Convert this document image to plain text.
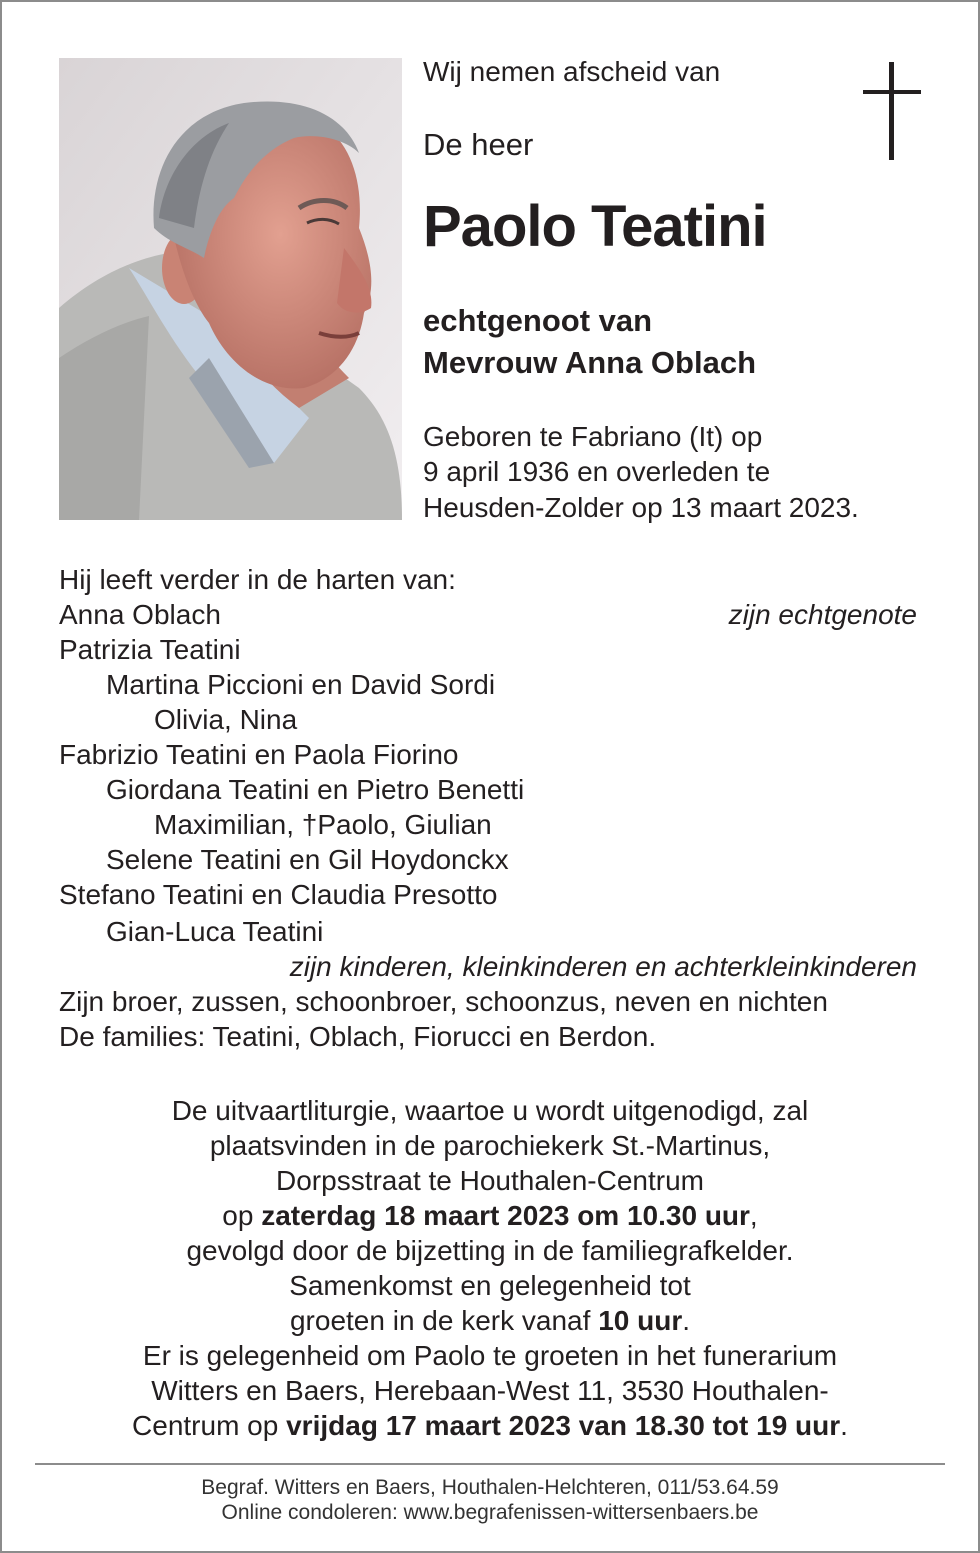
Wij nemen afscheid van
De heer
Paolo Teatini
echtgenoot van
Mevrouw Anna Oblach
Geboren te Fabriano (It) op
9 april 1936 en overleden te
Heusden-Zolder op 13 maart 2023.
Hij leeft verder in de harten van:
Anna Oblach	zijn echtgenote
Patrizia Teatini
Martina Piccioni en David Sordi
Olivia, Nina
Fabrizio Teatini en Paola Fiorino
Giordana Teatini en Pietro Benetti
Maximilian, †Paolo, Giulian
Selene Teatini en Gil Hoydonckx
Stefano Teatini en Claudia Presotto
Gian-Luca Teatini
zijn kinderen, kleinkinderen en achterkleinkinderen
Zijn broer, zussen, schoonbroer, schoonzus, neven en nichten
De families: Teatini, Oblach, Fiorucci en Berdon.
De uitvaartliturgie, waartoe u wordt uitgenodigd, zal
plaatsvinden in de parochiekerk St.-Martinus,
Dorpsstraat te Houthalen-Centrum
op zaterdag 18 maart 2023 om 10.30 uur,
gevolgd door de bijzetting in de familiegrafkelder.
Samenkomst en gelegenheid tot
groeten in de kerk vanaf 10 uur.
Er is gelegenheid om Paolo te groeten in het funerarium
Witters en Baers, Herebaan-West 11, 3530 Houthalen-
Centrum op vrijdag 17 maart 2023 van 18.30 tot 19 uur.
Begraf. Witters en Baers, Houthalen-Helchteren, 011/53.64.59
Online condoleren: www.begrafenissen-wittersenbaers.be
